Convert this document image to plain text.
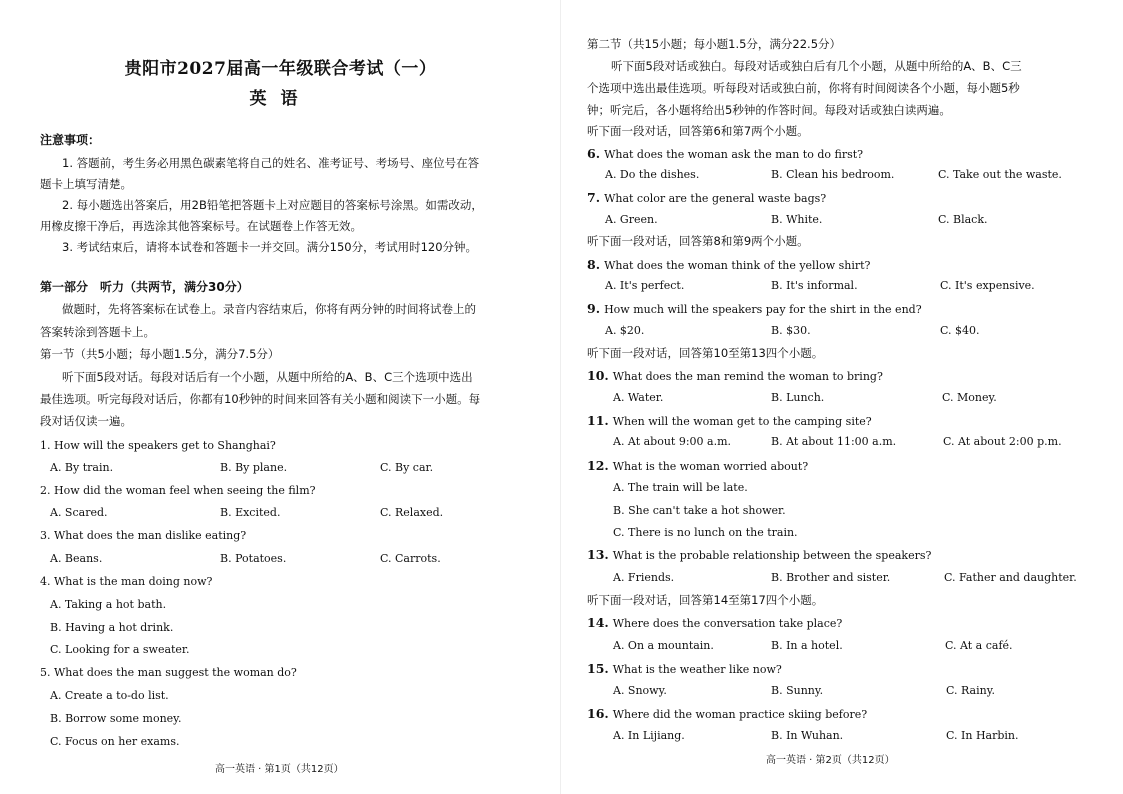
贵阳市2027届高一年级联合考试（一）
英语
注意事项：
1. 答题前，考生务必用黑色碳素笔将自己的姓名、准考证号、考场号、座位号在答
题卡上填写清楚。
2. 每小题选出答案后，用2B铅笔把答题卡上对应题目的答案标号涂黑。如需改动，
用橡皮擦干净后，再选涂其他答案标号。在试题卷上作答无效。
3. 考试结束后，请将本试卷和答题卡一并交回。满分150分，考试用时120分钟。
第一部分　听力（共两节，满分30分）
做题时，先将答案标在试卷上。录音内容结束后，你将有两分钟的时间将试卷上的
答案转涂到答题卡上。
第一节（共5小题；每小题1.5分，满分7.5分）
听下面5段对话。每段对话后有一个小题，从题中所给的A、B、C三个选项中选出
最佳选项。听完每段对话后，你都有10秒钟的时间来回答有关小题和阅读下一小题。每
段对话仅读一遍。
1. How will the speakers get to Shanghai?
A. By train.	B. By plane.	C. By car.
2. How did the woman feel when seeing the film?
A. Scared.	B. Excited.	C. Relaxed.
3. What does the man dislike eating?
A. Beans.	B. Potatoes.	C. Carrots.
4. What is the man doing now?
A. Taking a hot bath.
B. Having a hot drink.
C. Looking for a sweater.
5. What does the man suggest the woman do?
A. Create a to-do list.
B. Borrow some money.
C. Focus on her exams.
高一英语 · 第1页（共12页）
第二节（共15小题；每小题1.5分，满分22.5分）
听下面5段对话或独白。每段对话或独白后有几个小题，从题中所给的A、B、C三
个选项中选出最佳选项。听每段对话或独白前，你将有时间阅读各个小题，每小题5秒
钟；听完后，各小题将给出5秒钟的作答时间。每段对话或独白读两遍。
听下面一段对话，回答第6和第7两个小题。
6. What does the woman ask the man to do first?
A. Do the dishes.	B. Clean his bedroom.	C. Take out the waste.
7. What color are the general waste bags?
A. Green.	B. White.	C. Black.
听下面一段对话，回答第8和第9两个小题。
8. What does the woman think of the yellow shirt?
A. It's perfect.	B. It's informal.	C. It's expensive.
9. How much will the speakers pay for the shirt in the end?
A. $20.	B. $30.	C. $40.
听下面一段对话，回答第10至第13四个小题。
10. What does the man remind the woman to bring?
A. Water.	B. Lunch.	C. Money.
11. When will the woman get to the camping site?
A. At about 9:00 a.m.	B. At about 11:00 a.m.	C. At about 2:00 p.m.
12. What is the woman worried about?
A. The train will be late.
B. She can't take a hot shower.
C. There is no lunch on the train.
13. What is the probable relationship between the speakers?
A. Friends.	B. Brother and sister.	C. Father and daughter.
听下面一段对话，回答第14至第17四个小题。
14. Where does the conversation take place?
A. On a mountain.	B. In a hotel.	C. At a café.
15. What is the weather like now?
A. Snowy.	B. Sunny.	C. Rainy.
16. Where did the woman practice skiing before?
A. In Lijiang.	B. In Wuhan.	C. In Harbin.
高一英语 · 第2页（共12页）
